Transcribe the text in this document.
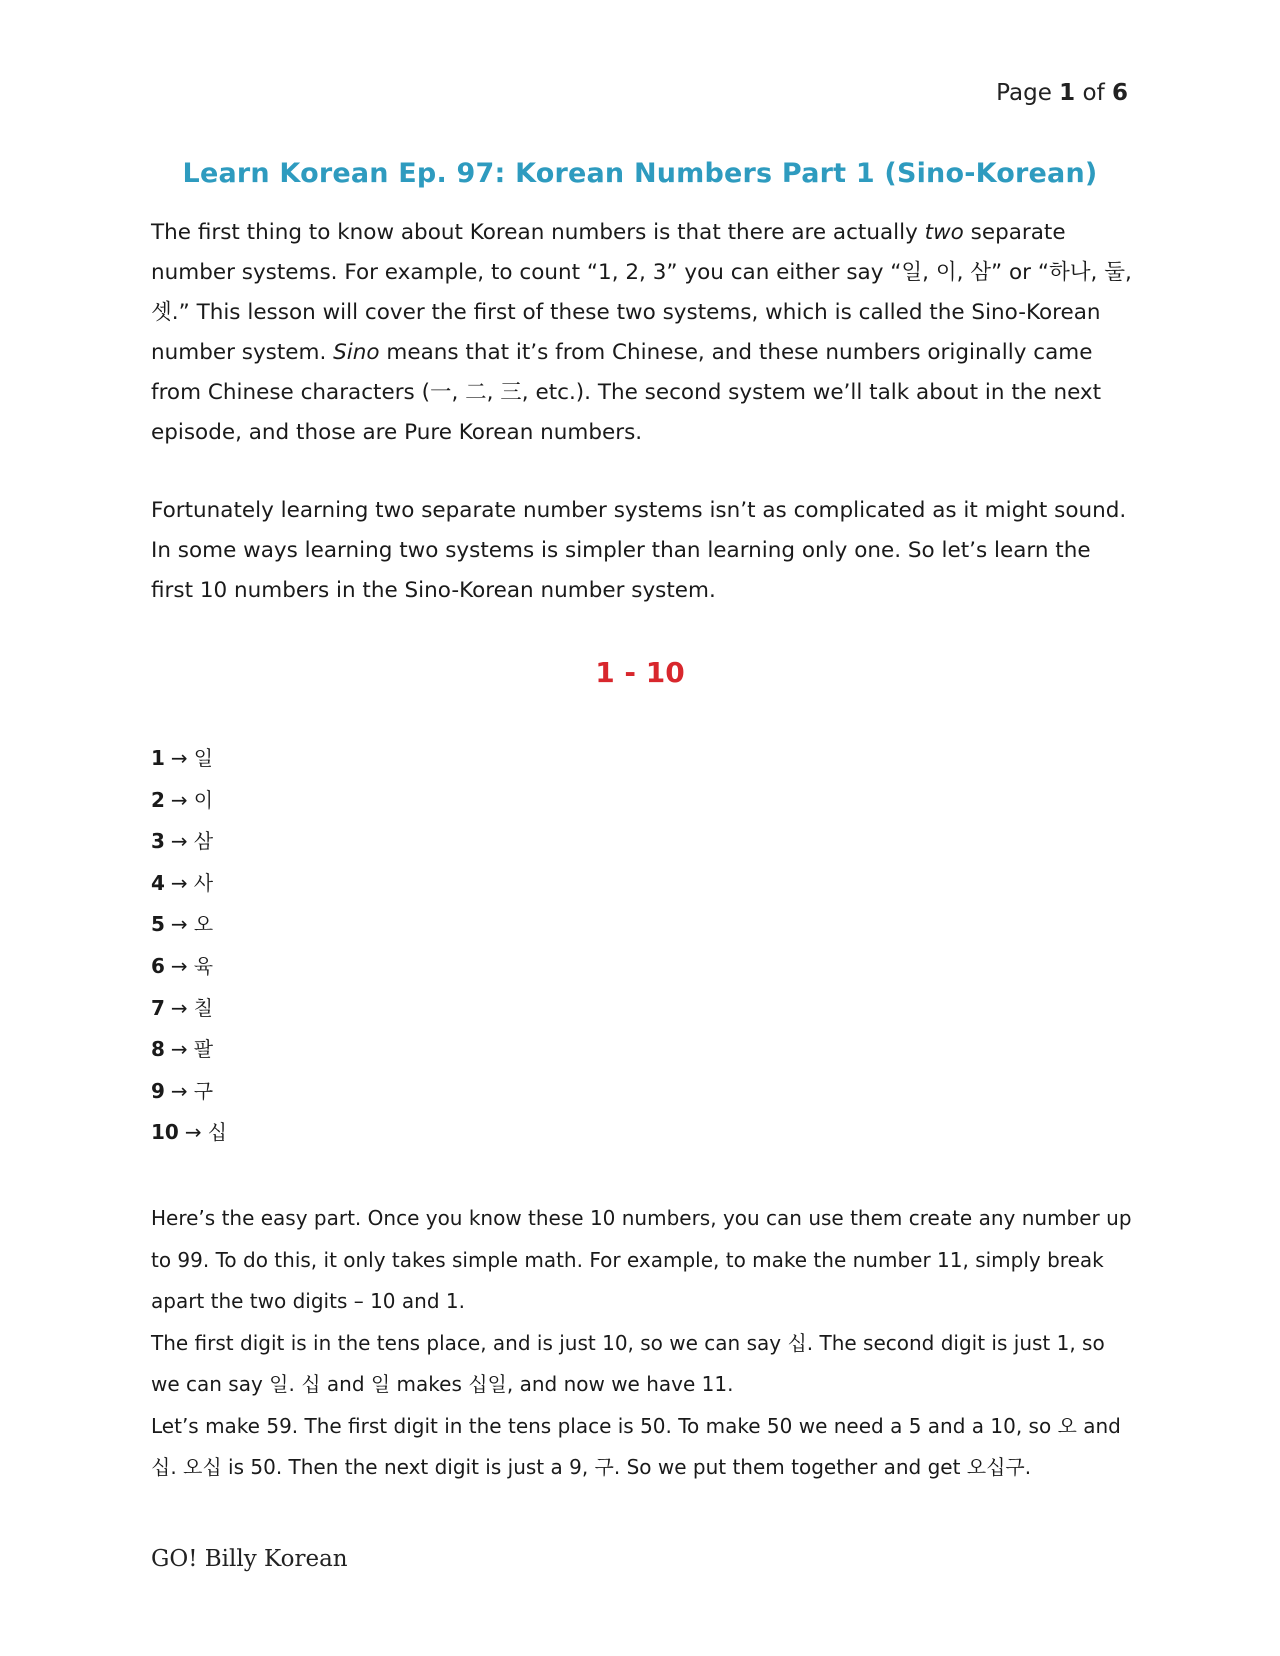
Page 1 of 6
Learn Korean Ep. 97: Korean Numbers Part 1 (Sino-Korean)

The first thing to know about Korean numbers is that there are actually two separate number systems. For example, to count “1, 2, 3” you can either say “일, 이, 삼” or “하나, 둘, 셋.” This lesson will cover the first of these two systems, which is called the Sino-Korean number system. Sino means that it’s from Chinese, and these numbers originally came from Chinese characters (一, 二, 三, etc.). The second system we’ll talk about in the next episode, and those are Pure Korean numbers.

Fortunately learning two separate number systems isn’t as complicated as it might sound. In some ways learning two systems is simpler than learning only one. So let’s learn the first 10 numbers in the Sino-Korean number system.

1 - 10
1 → 일
2 → 이
3 → 삼
4 → 사
5 → 오
6 → 육
7 → 칠
8 → 팔
9 → 구
10 → 십

Here’s the easy part. Once you know these 10 numbers, you can use them create any number up to 99. To do this, it only takes simple math. For example, to make the number 11, simply break apart the two digits – 10 and 1.

The first digit is in the tens place, and is just 10, so we can say 십. The second digit is just 1, so we can say 일. 십 and 일 makes 십일, and now we have 11.

Let’s make 59. The first digit in the tens place is 50. To make 50 we need a 5 and a 10, so 오 and 십. 오십 is 50. Then the next digit is just a 9, 구. So we put them together and get 오십구.

GO! Billy Korean
